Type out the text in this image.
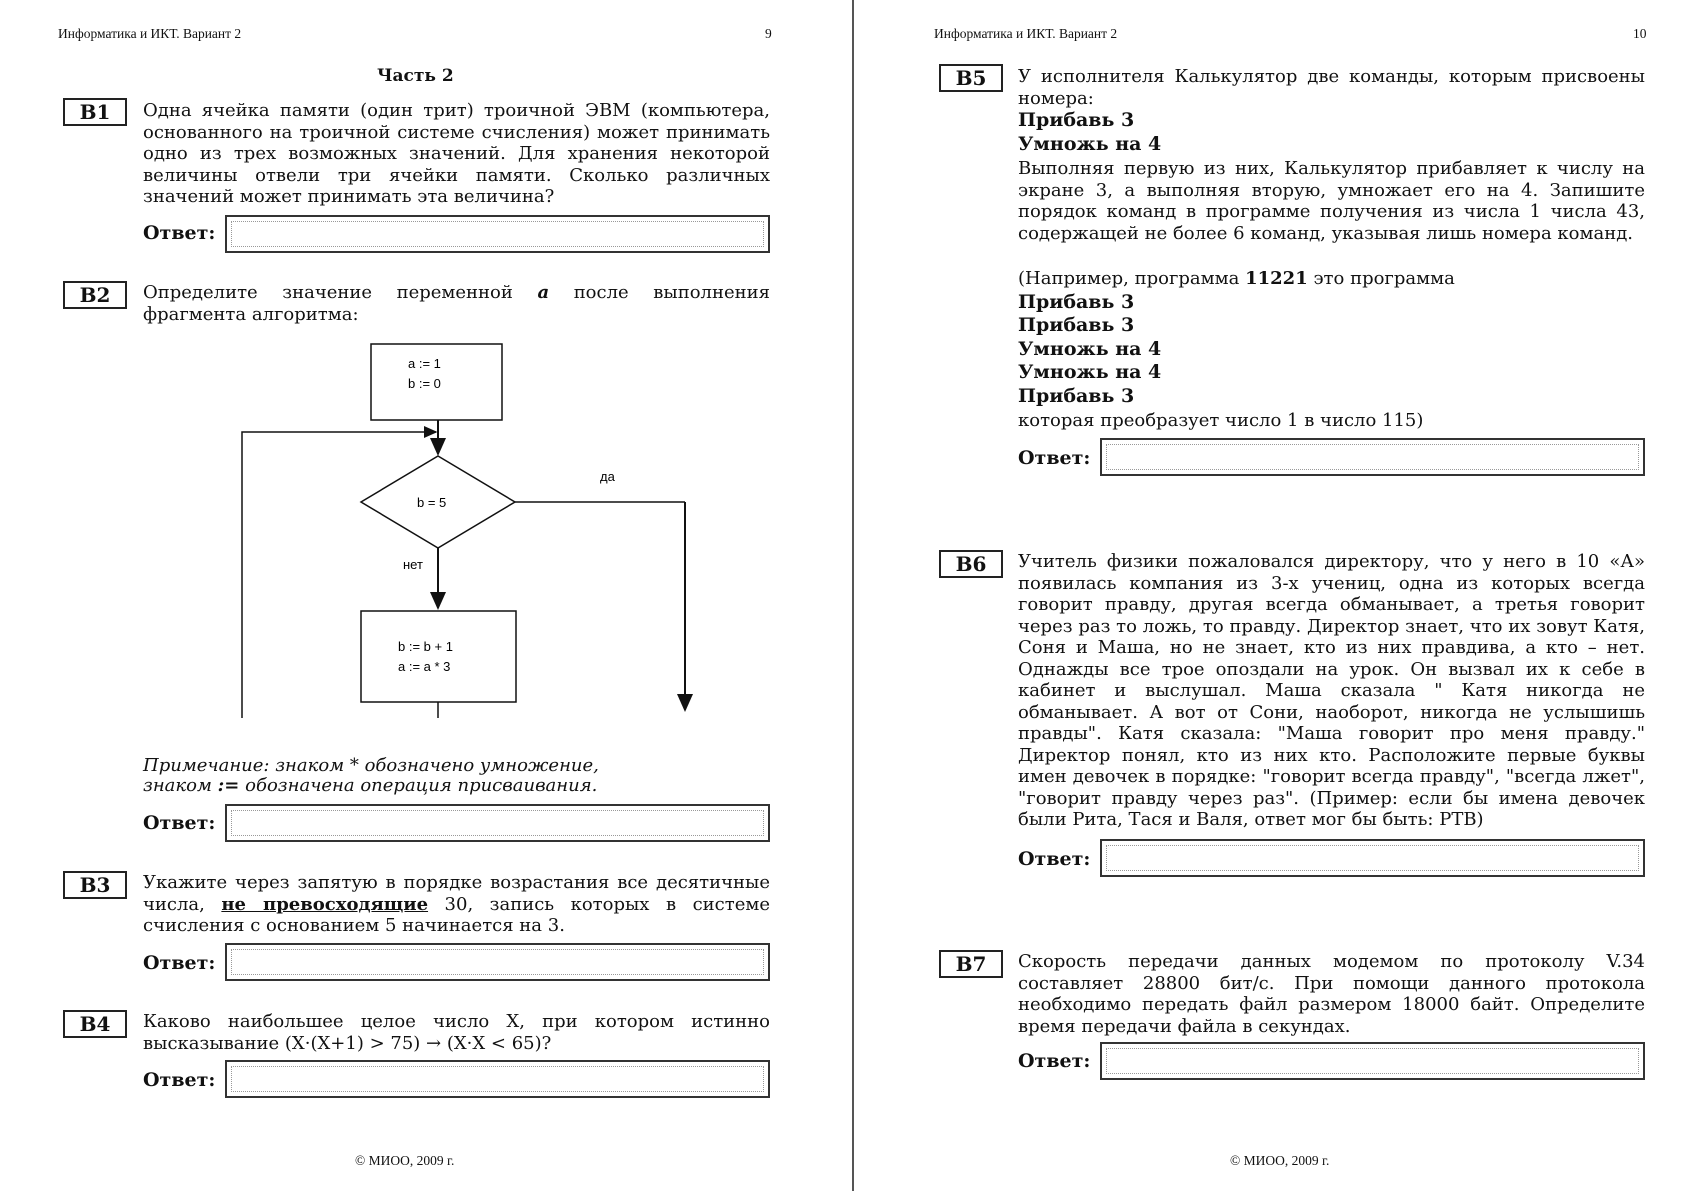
Информатика и ИКТ. Вариант 2	9
Часть 2
B1	Одна ячейка памяти (один трит) троичной ЭВМ (компьютера, основанного на троичной системе счисления) может принимать одно из трех возможных значений. Для хранения некоторой величины отвели три ячейки памяти. Сколько различных значений может принимать эта величина?
Ответ:
B2	Определите значение переменной a после выполнения фрагмента алгоритма:
a := 1
b := 0
b = 5
да
нет
b := b + 1
a := a * 3
Примечание: знаком * обозначено умножение,
знаком := обозначена операция присваивания.
Ответ:
B3	Укажите через запятую в порядке возрастания все десятичные числа, не превосходящие 30, запись которых в системе счисления с основанием 5 начинается на 3.
Ответ:
B4	Каково наибольшее целое число X, при котором истинно высказывание (X·(X+1) > 75) → (X·X < 65)?
Ответ:
© МИОО, 2009 г.
Информатика и ИКТ. Вариант 2	10
B5	У исполнителя Калькулятор две команды, которым присвоены номера:
Прибавь 3
Умножь на 4
Выполняя первую из них, Калькулятор прибавляет к числу на экране 3, а выполняя вторую, умножает его на 4. Запишите порядок команд в программе получения из числа 1 числа 43, содержащей не более 6 команд, указывая лишь номера команд.
(Например, программа 11221 это программа
Прибавь 3
Прибавь 3
Умножь на 4
Умножь на 4
Прибавь 3
которая преобразует число 1 в число 115)
Ответ:
B6	Учитель физики пожаловался директору, что у него в 10 «А» появилась компания из 3-х учениц, одна из которых всегда говорит правду, другая всегда обманывает, а третья говорит через раз то ложь, то правду. Директор знает, что их зовут Катя, Соня и Маша, но не знает, кто из них правдива, а кто – нет. Однажды все трое опоздали на урок. Он вызвал их к себе в кабинет и выслушал. Маша сказала " Катя никогда не обманывает. А вот от Сони, наоборот, никогда не услышишь правды". Катя сказала: "Маша говорит про меня правду." Директор понял, кто из них кто. Расположите первые буквы имен девочек в порядке: "говорит всегда правду", "всегда лжет", "говорит правду через раз". (Пример: если бы имена девочек были Рита, Тася и Валя, ответ мог бы быть: РТВ)
Ответ:
B7	Скорость передачи данных модемом по протоколу V.34 составляет 28800 бит/с. При помощи данного протокола необходимо передать файл размером 18000 байт. Определите время передачи файла в секундах.
Ответ:
© МИОО, 2009 г.
